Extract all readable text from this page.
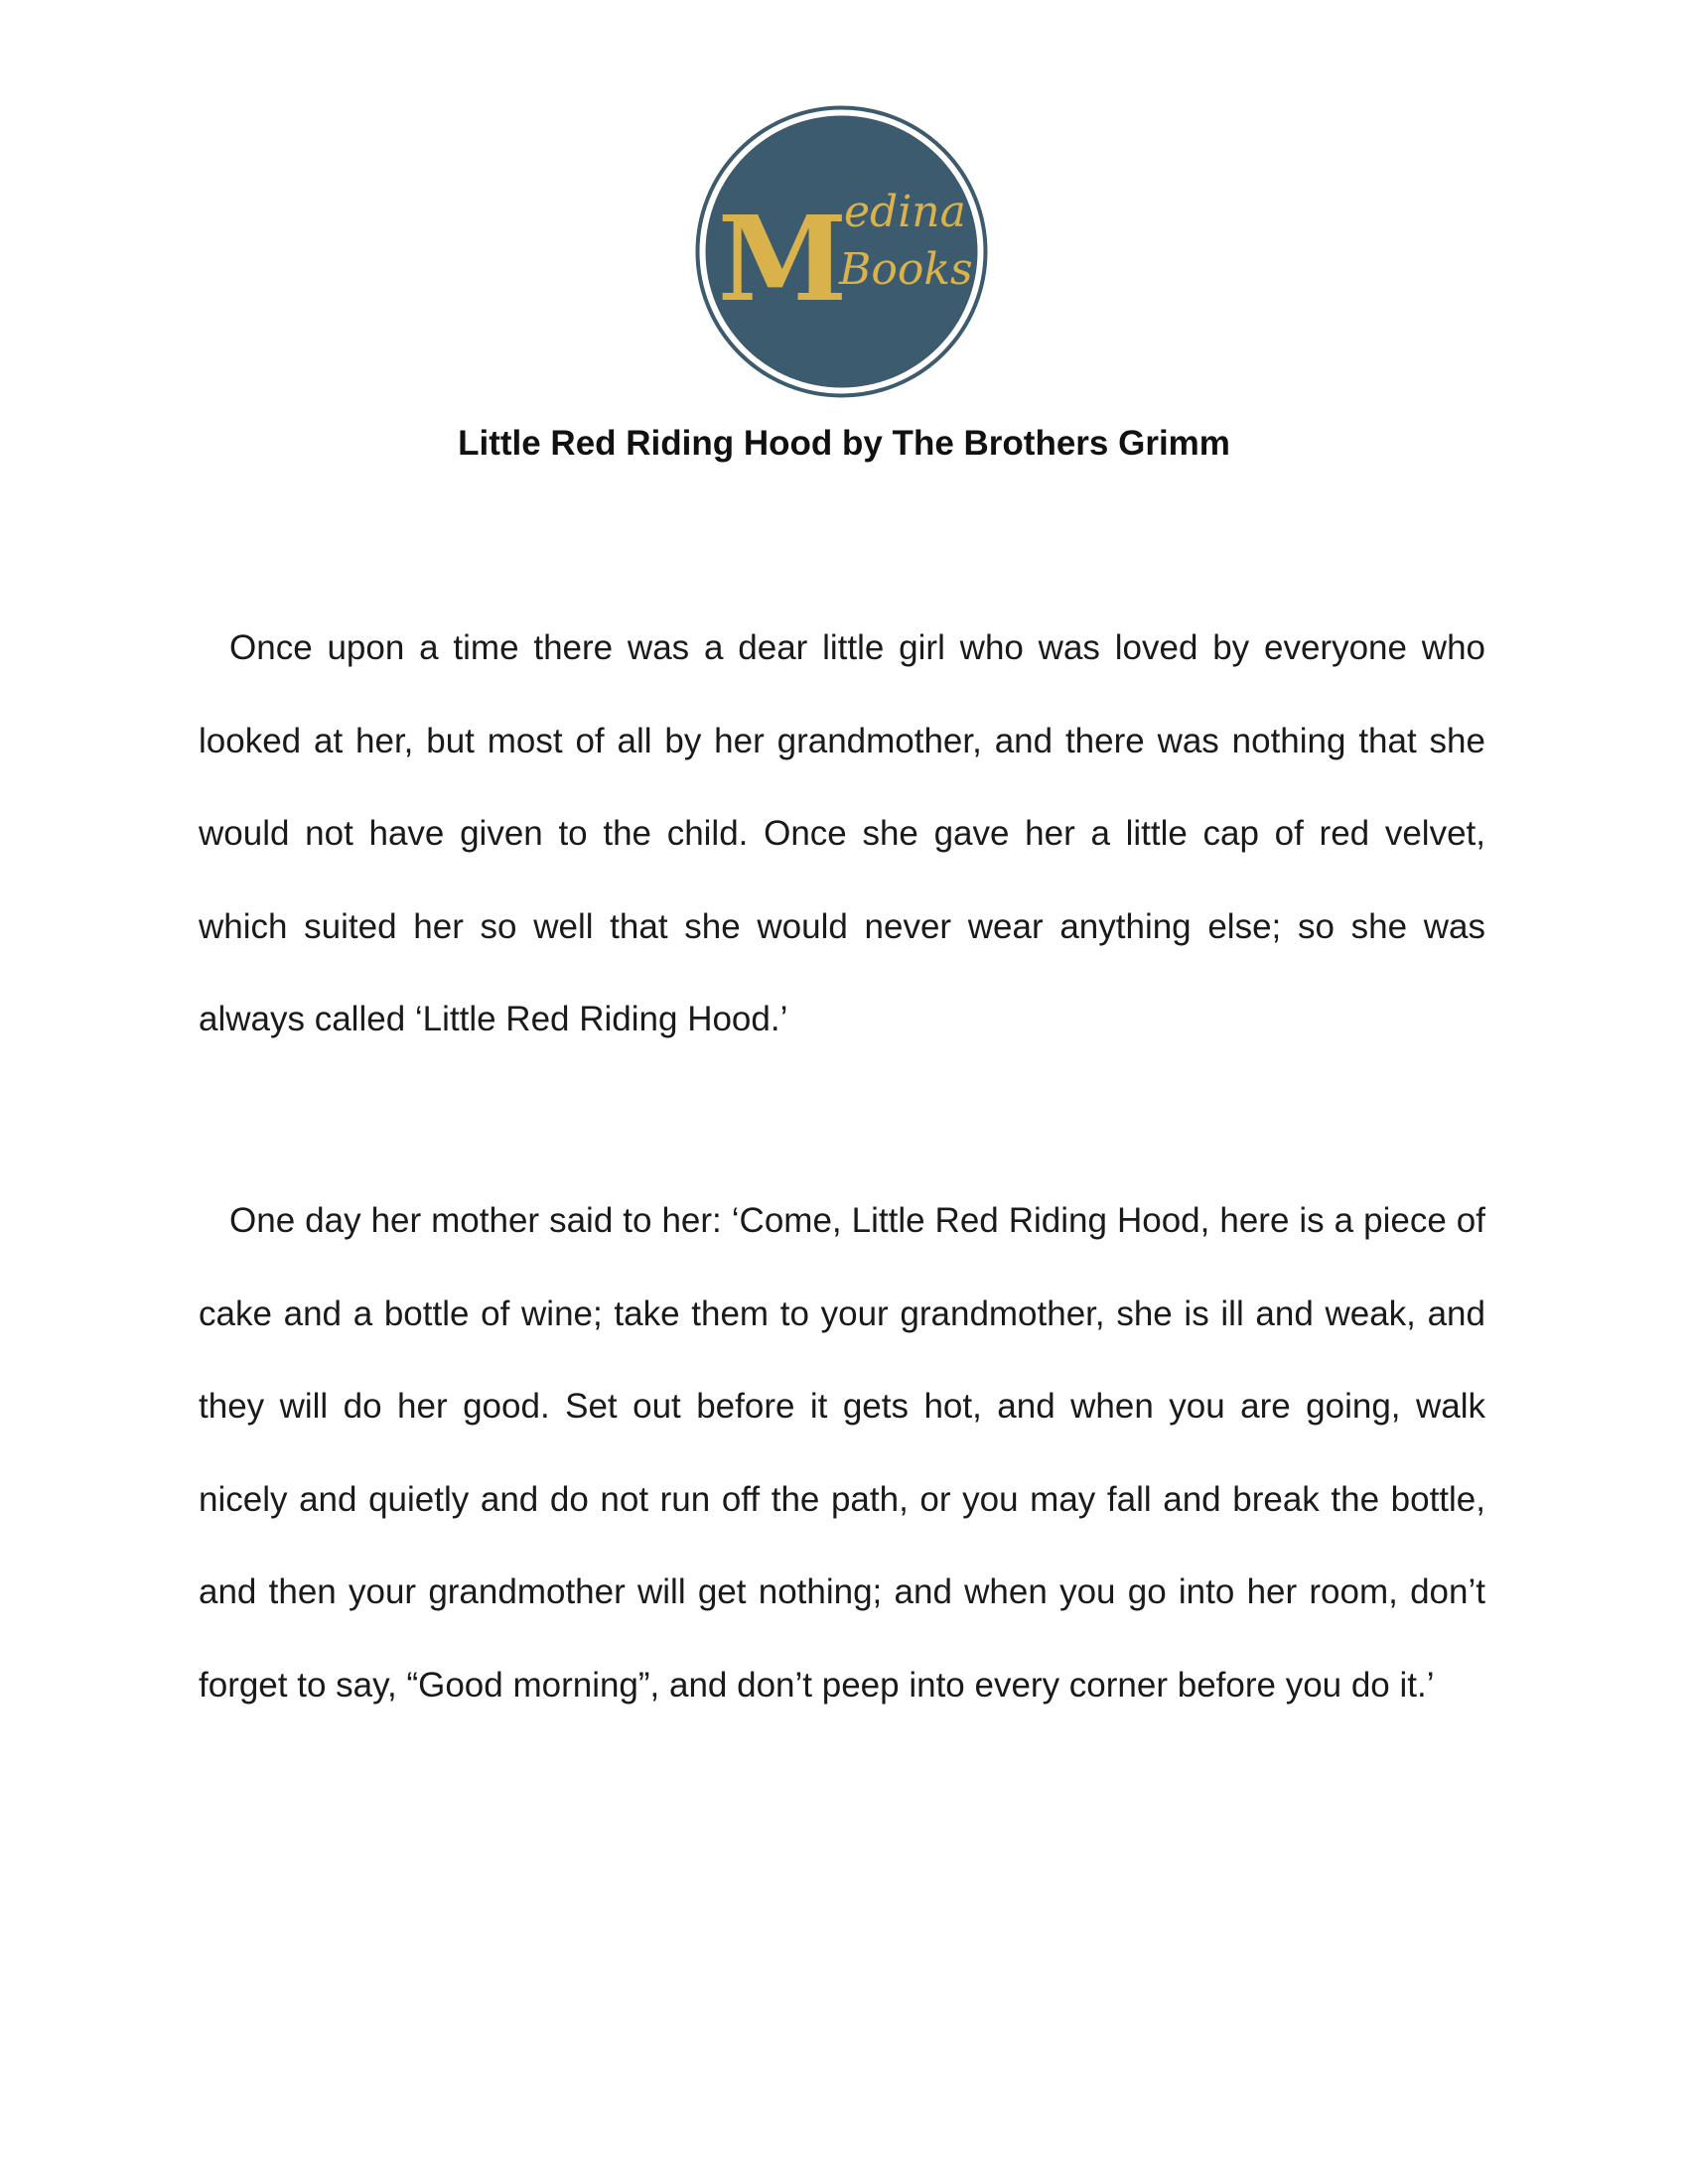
M
edina
Books
Little Red Riding Hood by The Brothers Grimm

Once upon a time there was a dear little girl who was loved by everyone who looked at her, but most of all by her grandmother, and there was nothing that she would not have given to the child. Once she gave her a little cap of red velvet, which suited her so well that she would never wear anything else; so she was always called ‘Little Red Riding Hood.’

One day her mother said to her: ‘Come, Little Red Riding Hood, here is a piece of cake and a bottle of wine; take them to your grandmother, she is ill and weak, and they will do her good. Set out before it gets hot, and when you are going, walk nicely and quietly and do not run off the path, or you may fall and break the bottle, and then your grandmother will get nothing; and when you go into her room, don’t forget to say, “Good morning”, and don’t peep into every corner before you do it.’
